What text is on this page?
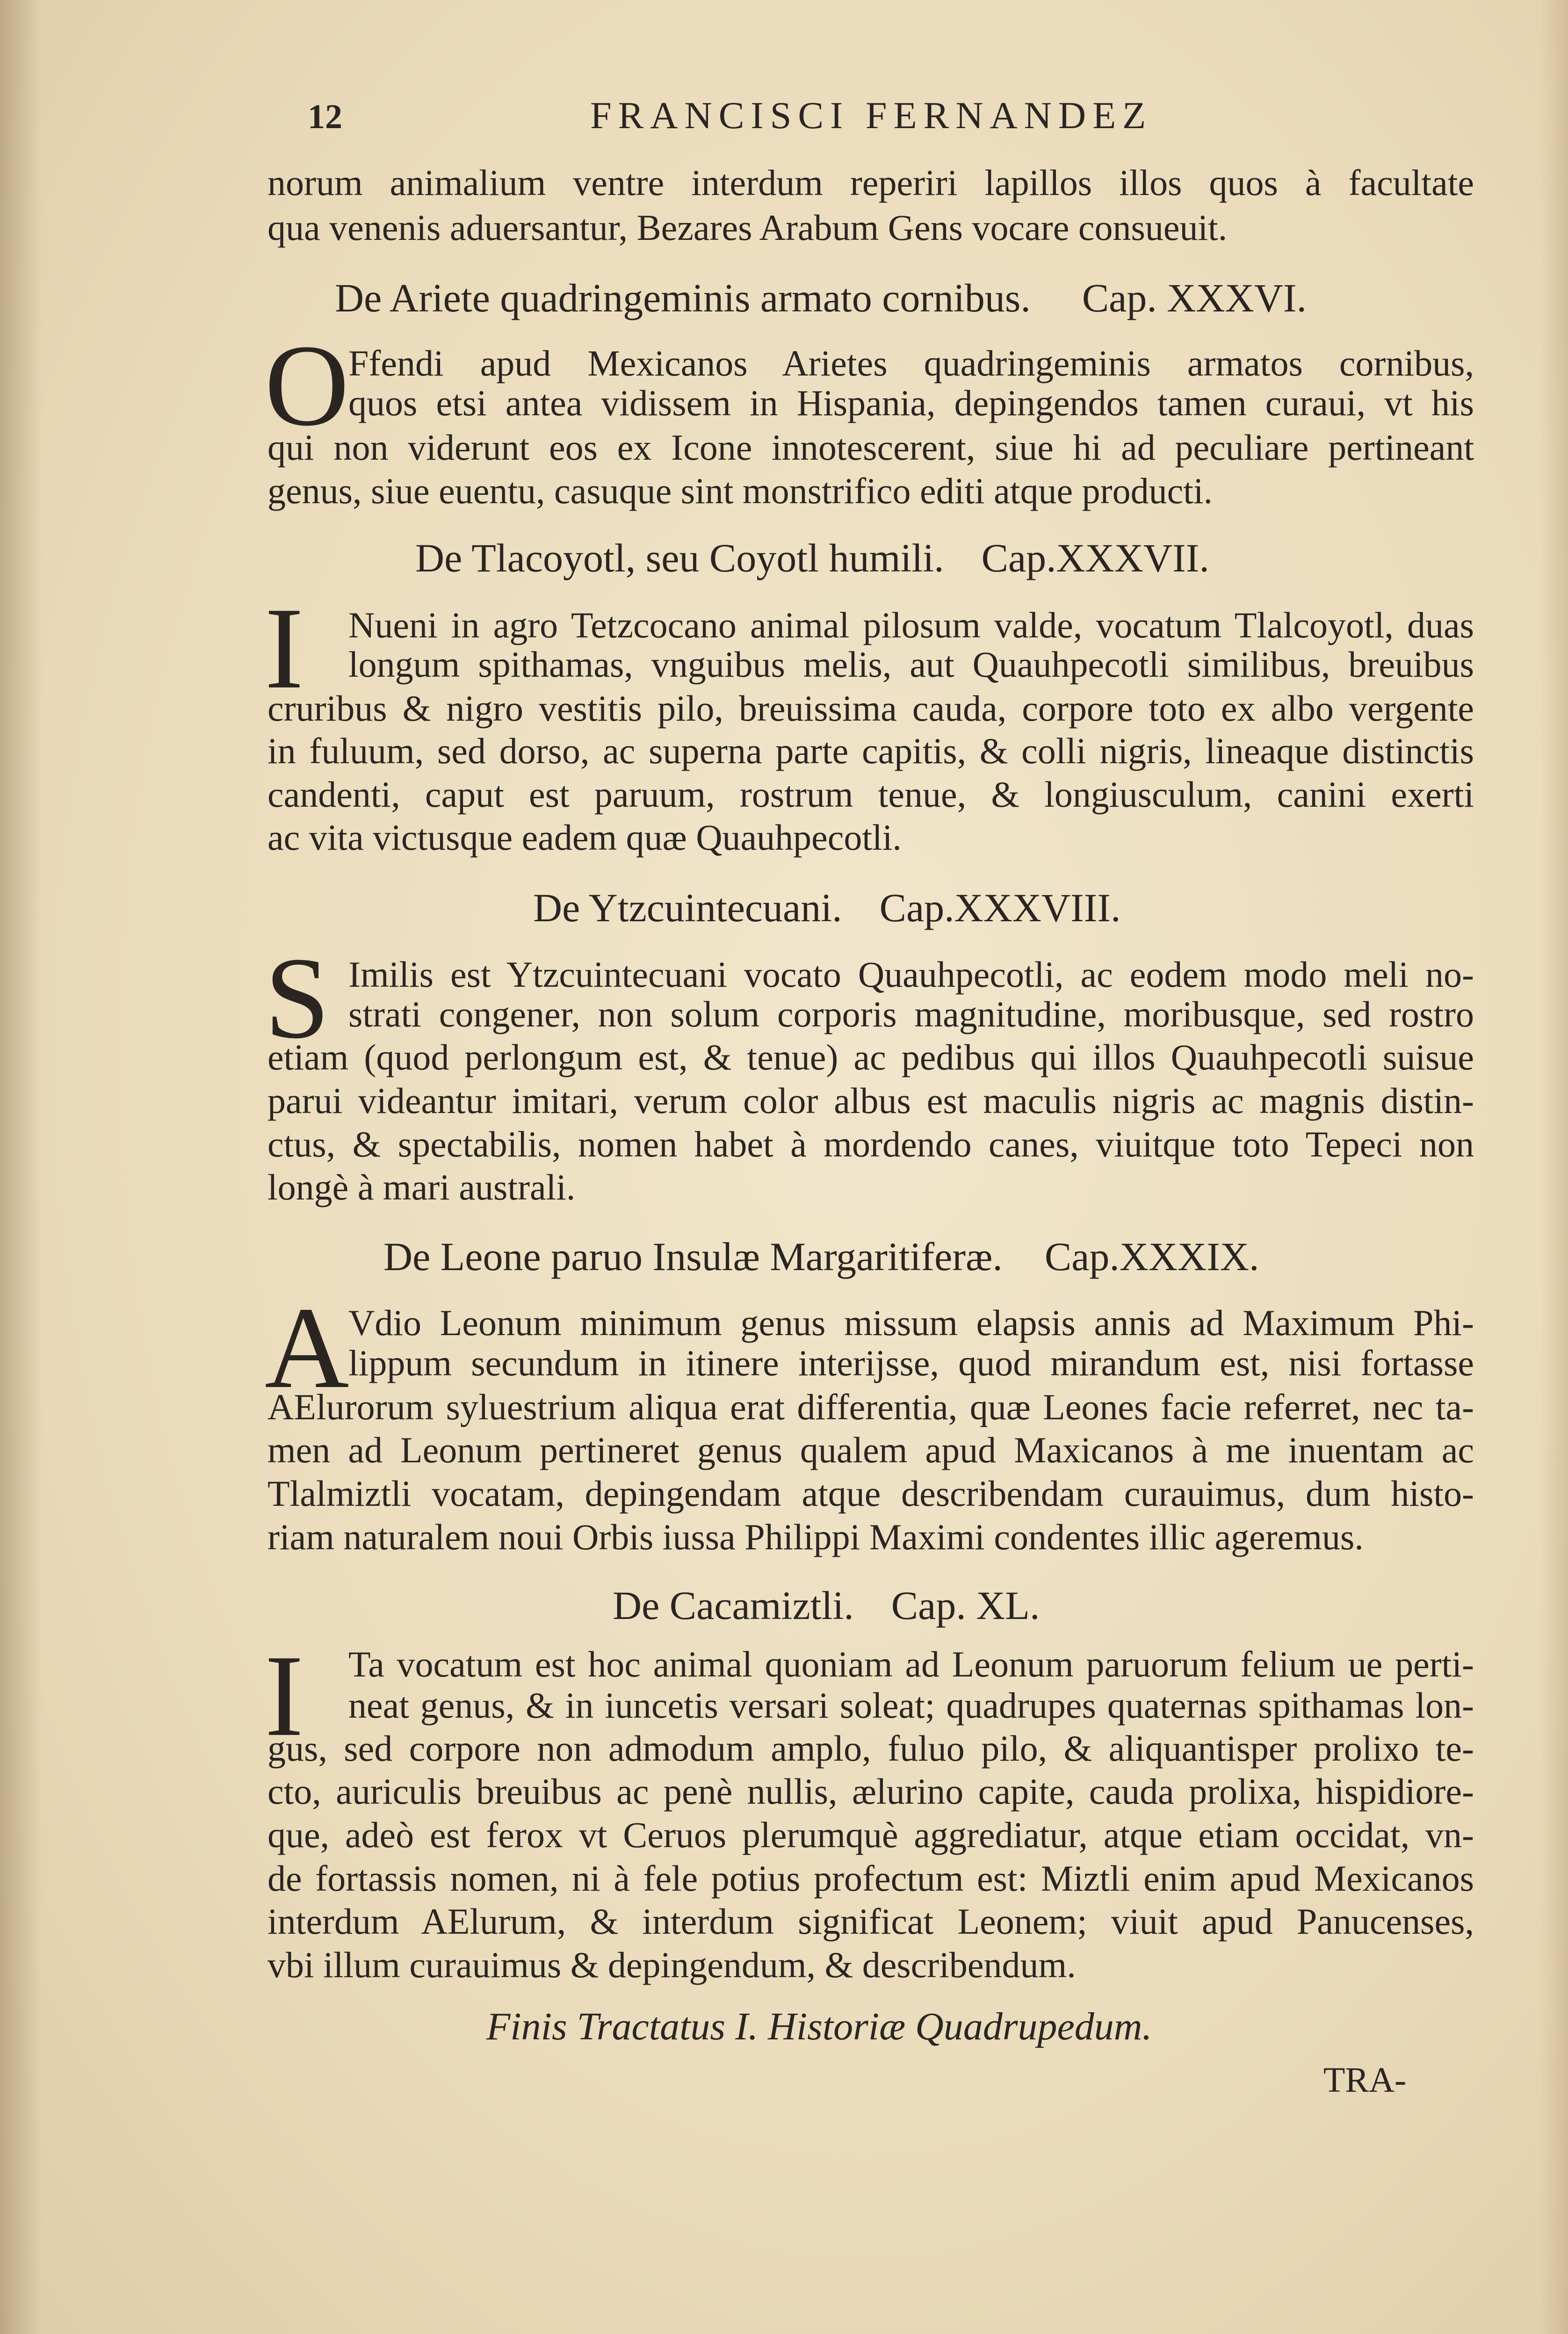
12	FRANCISCI FERNANDEZ
norum animalium ventre interdum reperiri lapillos illos quos à facultate
qua venenis aduersantur, Bezares Arabum Gens vocare consueuit.
De Ariete quadringeminis armato cornibus. Cap. XXXVI.
O
Ffendi apud Mexicanos Arietes quadringeminis armatos cornibus,
quos etsi antea vidissem in Hispania, depingendos tamen curaui, vt his
qui non viderunt eos ex Icone innotescerent, siue hi ad peculiare pertineant
genus, siue euentu, casuque sint monstrifico editi atque producti.
De Tlacoyotl, seu Coyotl humili. Cap.XXXVII.
I Nueni in agro Tetzcocano animal pilosum valde, vocatum Tlalcoyotl, duas
longum spithamas, vnguibus melis, aut Quauhpecotli similibus, breuibus
cruribus & nigro vestitis pilo, breuissima cauda, corpore toto ex albo vergente
in fuluum, sed dorso, ac superna parte capitis, & colli nigris, lineaque distinctis
candenti, caput est paruum, rostrum tenue, & longiusculum, canini exerti
ac vita victusque eadem quæ Quauhpecotli.
De Ytzcuintecuani. Cap.XXXVIII.
S Imilis est Ytzcuintecuani vocato Quauhpecotli, ac eodem modo meli no-
strati congener, non solum corporis magnitudine, moribusque, sed rostro
etiam (quod perlongum est, & tenue) ac pedibus qui illos Quauhpecotli suisue
parui videantur imitari, verum color albus est maculis nigris ac magnis distin-
ctus, & spectabilis, nomen habet à mordendo canes, viuitque toto Tepeci non
longè à mari australi.
De Leone paruo Insulæ Margaritiferæ. Cap.XXXIX.
A
Vdio Leonum minimum genus missum elapsis annis ad Maximum Phi-
lippum secundum in itinere interijsse, quod mirandum est, nisi fortasse
AElurorum syluestrium aliqua erat differentia, quæ Leones facie referret, nec ta-
men ad Leonum pertineret genus qualem apud Maxicanos à me inuentam ac
Tlalmiztli vocatam, depingendam atque describendam curauimus, dum histo-
riam naturalem noui Orbis iussa Philippi Maximi condentes illic ageremus.
De Cacamiztli. Cap. XL.
I Ta vocatum est hoc animal quoniam ad Leonum paruorum felium ue perti-
neat genus, & in iuncetis versari soleat; quadrupes quaternas spithamas lon-
gus, sed corpore non admodum amplo, fuluo pilo, & aliquantisper prolixo te-
cto, auriculis breuibus ac penè nullis, ælurino capite, cauda prolixa, hispidiore-
que, adeò est ferox vt Ceruos plerumquè aggrediatur, atque etiam occidat, vn-
de fortassis nomen, ni à fele potius profectum est: Miztli enim apud Mexicanos
interdum AElurum, & interdum significat Leonem; viuit apud Panucenses,
vbi illum curauimus & depingendum, & describendum.
Finis Tractatus I. Historiæ Quadrupedum.
TRA-
